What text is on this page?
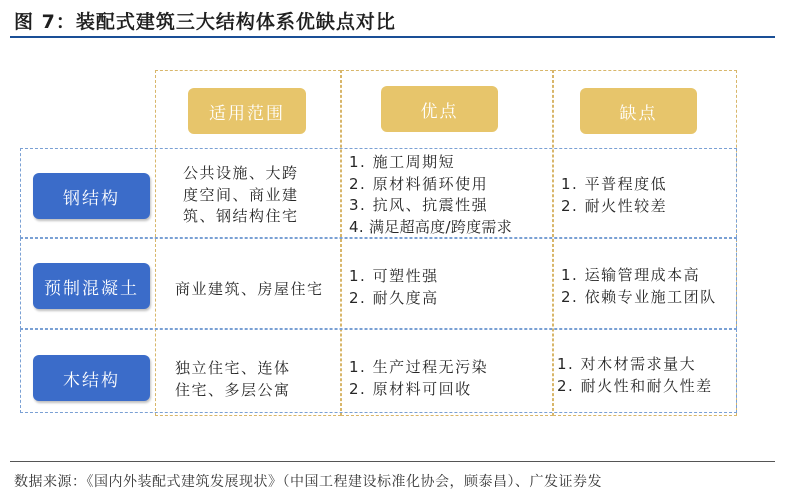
图 7：装配式建筑三大结构体系优缺点对比
适用范围	优点	缺点
钢结构
预制混凝土
木结构
公共设施、大跨
度空间、商业建
筑、钢结构住宅
1. 施工周期短
2. 原材料循环使用
3. 抗风、抗震性强
4. 满足超高度/跨度需求
1. 平普程度低
2. 耐火性较差
商业建筑、房屋住宅
1. 可塑性强
2. 耐久度高
1. 运输管理成本高
2. 依赖专业施工团队
独立住宅、连体
住宅、多层公寓
1. 生产过程无污染
2. 原材料可回收
1. 对木材需求量大
2. 耐火性和耐久性差
数据来源：《国内外装配式建筑发展现状》（中国工程建设标准化协会，顾泰昌）、广发证券发
